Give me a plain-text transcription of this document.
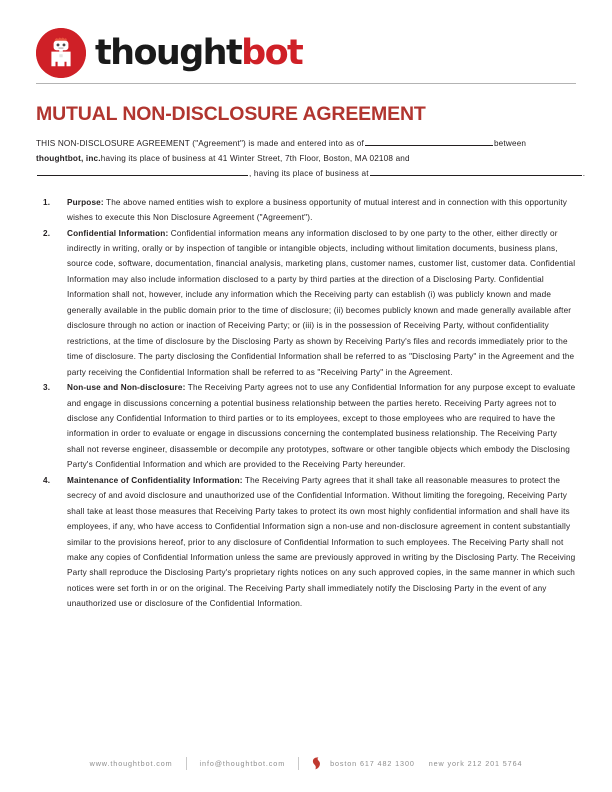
thoughtbot
MUTUAL NON-DISCLOSURE AGREEMENT
THIS NON-DISCLOSURE AGREEMENT ("Agreement") is made and entered into as of	between
thoughtbot, inc.having its place of business at 41 Winter Street, 7th Floor, Boston, MA 02108 and
, having its place of business at	.
Purpose: The above named entities wish to explore a business opportunity of mutual interest and in connection with this opportunity wishes to execute this Non Disclosure Agreement ("Agreement").
Confidential Information: Confidential information means any information disclosed to by one party to the other, either directly or indirectly in writing, orally or by inspection of tangible or intangible objects, including without limitation documents, business plans, source code, software, documentation, financial analysis, marketing plans, customer names, customer list, customer data. Confidential Information may also include information disclosed to a party by third parties at the direction of a Disclosing Party. Confidential Information shall not, however, include any information which the Receiving party can establish (i) was publicly known and made generally available in the public domain prior to the time of disclosure; (ii) becomes publicly known and made generally available after disclosure through no action or inaction of Receiving Party; or (iii) is in the possession of Receiving Party, without confidentiality restrictions, at the time of disclosure by the Disclosing Party as shown by Receiving Party's files and records immediately prior to the time of disclosure. The party disclosing the Confidential Information shall be referred to as "Disclosing Party" in the Agreement and the party receiving the Confidential Information shall be referred to as "Receiving Party" in the Agreement.
Non-use and Non-disclosure: The Receiving Party agrees not to use any Confidential Information for any purpose except to evaluate and engage in discussions concerning a potential business relationship between the parties hereto. Receiving Party agrees not to disclose any Confidential Information to third parties or to its employees, except to those employees who are required to have the information in order to evaluate or engage in discussions concerning the contemplated business relationship. The Receiving Party shall not reverse engineer, disassemble or decompile any prototypes, software or other tangible objects which embody the Disclosing Party's Confidential Information and which are provided to the Receiving Party hereunder.
Maintenance of Confidentiality Information: The Receiving Party agrees that it shall take all reasonable measures to protect the secrecy of and avoid disclosure and unauthorized use of the Confidential Information. Without limiting the foregoing, Receiving Party shall take at least those measures that Receiving Party takes to protect its own most highly confidential information and shall have its employees, if any, who have access to Confidential Information sign a non-use and non-disclosure agreement in content substantially similar to the provisions hereof, prior to any disclosure of Confidential Information to such employees. The Receiving Party shall not make any copies of Confidential Information unless the same are previously approved in writing by the Disclosing Party. The Receiving Party shall reproduce the Disclosing Party's proprietary rights notices on any such approved copies, in the same manner in which such notices were set forth in or on the original. The Receiving Party shall immediately notify the Disclosing Party in the event of any unauthorized use or disclosure of the Confidential Information.
www.thoughtbot.com	info@thoughtbot.com	boston 617 482 1300 new york 212 201 5764
